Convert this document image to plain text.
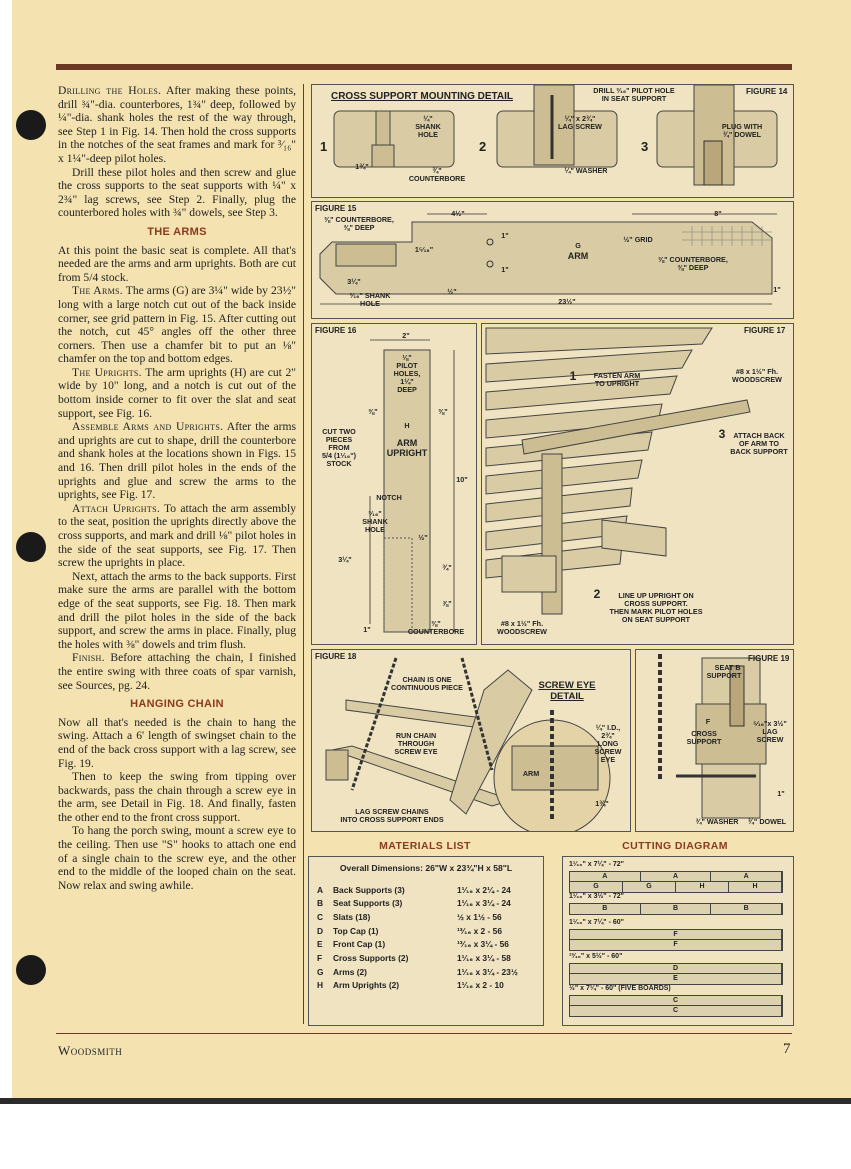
Drilling the Holes. After making these points, drill ¾"-dia. counterbores, 1¾" deep, followed by ¼"-dia. shank holes the rest of the way through, see Step 1 in Fig. 14. Then hold the cross supports in the notches of the seat frames and mark for ³⁄₁₆" x 1¼"-deep pilot holes.

Drill these pilot holes and then screw and glue the cross supports to the seat supports with ¼" x 2¾" lag screws, see Step 2. Finally, plug the counterbored holes with ¾" dowels, see Step 3.

THE ARMS

At this point the basic seat is complete. All that's needed are the arms and arm uprights. Both are cut from 5/4 stock.

The Arms. The arms (G) are 3¼" wide by 23½" long with a large notch cut out of the back inside corner, see grid pattern in Fig. 15. After cutting out the notch, cut 45° angles off the other three corners. Then use a chamfer bit to put an ⅛" chamfer on the top and bottom edges.

The Uprights. The arm uprights (H) are cut 2" wide by 10" long, and a notch is cut out of the bottom inside corner to fit over the slat and seat support, see Fig. 16.

Assemble Arms and Uprights. After the arms and uprights are cut to shape, drill the counterbore and shank holes at the locations shown in Figs. 15 and 16. Then drill pilot holes in the ends of the uprights and glue and screw the arms to the uprights, see Fig. 17.

Attach Uprights. To attach the arm assembly to the seat, position the uprights directly above the cross supports, and mark and drill ⅛" pilot holes in the side of the seat supports, see Fig. 17. Then screw the uprights in place.

Next, attach the arms to the back supports. First make sure the arms are parallel with the bottom edge of the seat supports, see Fig. 18. Then mark and drill the pilot holes in the side of the back support, and screw the arms in place. Finally, plug the holes with ⅜" dowels and trim flush.

Finish. Before attaching the chain, I finished the entire swing with three coats of spar varnish, see Sources, pg. 24.

HANGING CHAIN

Now all that's needed is the chain to hang the swing. Attach a 6' length of swingset chain to the end of the back cross support with a lag screw, see Fig. 19.

Then to keep the swing from tipping over backwards, pass the chain through a screw eye in the arm, see Detail in Fig. 18. And finally, fasten the other end to the front cross support.

To hang the porch swing, mount a screw eye to the ceiling. Then use "S" hooks to attach one end of a single chain to the screw eye, and the other end to the middle of the looped chain on the seat. Now relax and swing awhile.

CROSS SUPPORT MOUNTING DETAIL	FIGURE 14
1	2	3
¼"
SHANK
HOLE
¾"
COUNTERBORE
1¾"
DRILL ³⁄₁₆" PILOT HOLE
IN SEAT SUPPORT
¼" x 2¾"
LAG SCREW
¼" WASHER
PLUG WITH
¾" DOWEL
FIGURE 15
⅜" COUNTERBORE,
⅜" DEEP
4½"	8"
1"
1⁵⁄₁₆"
½" GRID
G
ARM	⅜" COUNTERBORE,
⅜" DEEP
3¼"
³⁄₁₆" SHANK
HOLE
½"
23½"
1"
1"
FIGURE 16
2"
⅛"
PILOT
HOLES,
1¼"
DEEP
⅜"	⅜"
CUT TWO
PIECES
FROM
5/4 (1¹⁄₁₆")
STOCK
H
ARM
UPRIGHT
10"
NOTCH
³⁄₁₆"
SHANK
HOLE
½"
3¼"
¾"
⅞"
1"
⅜"
COUNTERBORE
FIGURE 17
1	FASTEN ARM
TO UPRIGHT
#8 x 1½" Fh.
WOODSCREW
3	ATTACH BACK
OF ARM TO
BACK SUPPORT
2	LINE UP UPRIGHT ON
CROSS SUPPORT.
THEN MARK PILOT HOLES
ON SEAT SUPPORT
#8 x 1½" Fh.
WOODSCREW
FIGURE 18
CHAIN IS ONE
CONTINUOUS PIECE
RUN CHAIN
THROUGH
SCREW EYE
LAG SCREW CHAINS
INTO CROSS SUPPORT ENDS
SCREW EYE DETAIL
¼" I.D.,
2¾"
LONG
SCREW
EYE
ARM
1¾"
FIGURE 19
SEAT
SUPPORT
B
F
CROSS
SUPPORT
⁵⁄₁₆"x 3½"
LAG
SCREW
1"
¾" WASHER	¾" DOWEL
MATERIALS LIST
Overall Dimensions: 26"W x 23¾"H x 58"L
A	Back Supports (3)	1¹⁄₁₆ x 2¼ - 24
B	Seat Supports (3)	1¹⁄₁₆ x 3¼ - 24
C	Slats (18)	½ x 1½ - 56
D	Top Cap (1)	¹³⁄₁₆ x 2 - 56
E	Front Cap (1)	¹³⁄₁₆ x 3¼ - 56
F	Cross Supports (2)	1¹⁄₁₆ x 3¼ - 58
G	Arms (2)	1¹⁄₁₆ x 3¼ - 23½
H	Arm Uprights (2)	1¹⁄₁₆ x 2 - 10
CUTTING DIAGRAM
1¹⁄₁₆" x 7¼" - 72"
A	A	A
G	G	H	H
1¹⁄₁₆" x 3½" - 72"
B	B	B
1¹⁄₁₆" x 7¼" - 60"
F
F
¹³⁄₁₆" x 5½" - 60"
D
E
½" x 7¼" - 60" (FIVE BOARDS)
C
C
Woodsmith	7
